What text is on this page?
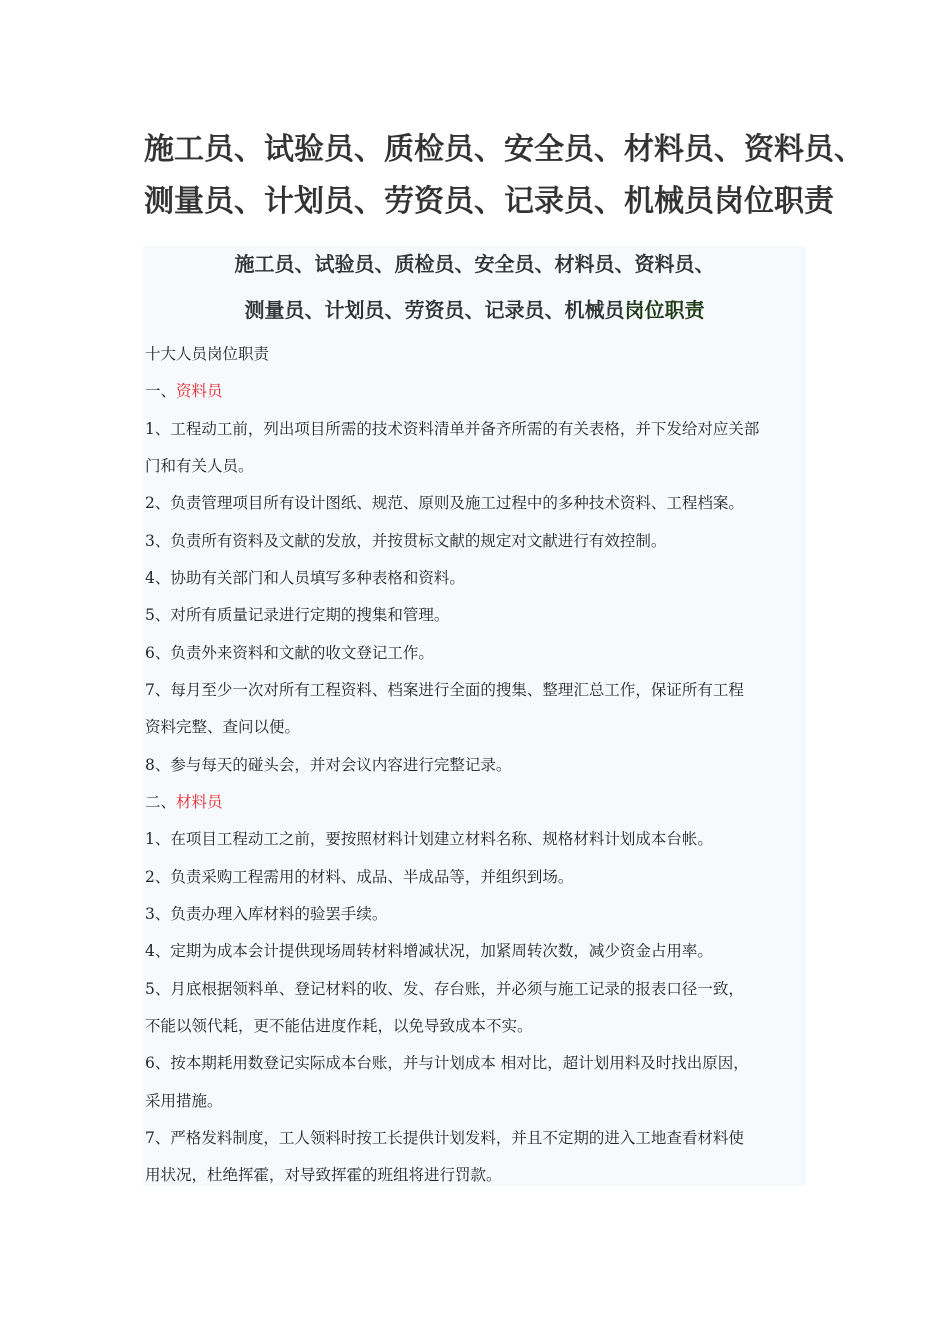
施工员、试验员、质检员、安全员、材料员、资料员、
测量员、计划员、劳资员、记录员、机械员岗位职责
施工员、试验员、质检员、安全员、材料员、资料员、
测量员、计划员、劳资员、记录员、机械员岗位职责
十大人员岗位职责
一、资料员
1、工程动工前，列出项目所需的技术资料清单并备齐所需的有关表格，并下发给对应关部
门和有关人员。
2、负责管理项目所有设计图纸、规范、原则及施工过程中的多种技术资料、工程档案。
3、负责所有资料及文献的发放，并按贯标文献的规定对文献进行有效控制。
4、协助有关部门和人员填写多种表格和资料。
5、对所有质量记录进行定期的搜集和管理。
6、负责外来资料和文献的收文登记工作。
7、每月至少一次对所有工程资料、档案进行全面的搜集、整理汇总工作，保证所有工程
资料完整、查问以便。
8、参与每天的碰头会，并对会议内容进行完整记录。
二、材料员
1、在项目工程动工之前，要按照材料计划建立材料名称、规格材料计划成本台帐。
2、负责采购工程需用的材料、成品、半成品等，并组织到场。
3、负责办理入库材料的验罢手续。
4、定期为成本会计提供现场周转材料增减状况，加紧周转次数，减少资金占用率。
5、月底根据领料单、登记材料的收、发、存台账，并必须与施工记录的报表口径一致，
不能以领代耗，更不能估进度作耗，以免导致成本不实。
6、按本期耗用数登记实际成本台账，并与计划成本 相对比，超计划用料及时找出原因，
采用措施。
7、严格发料制度，工人领料时按工长提供计划发料，并且不定期的进入工地查看材料使
用状况，杜绝挥霍，对导致挥霍的班组将进行罚款。
